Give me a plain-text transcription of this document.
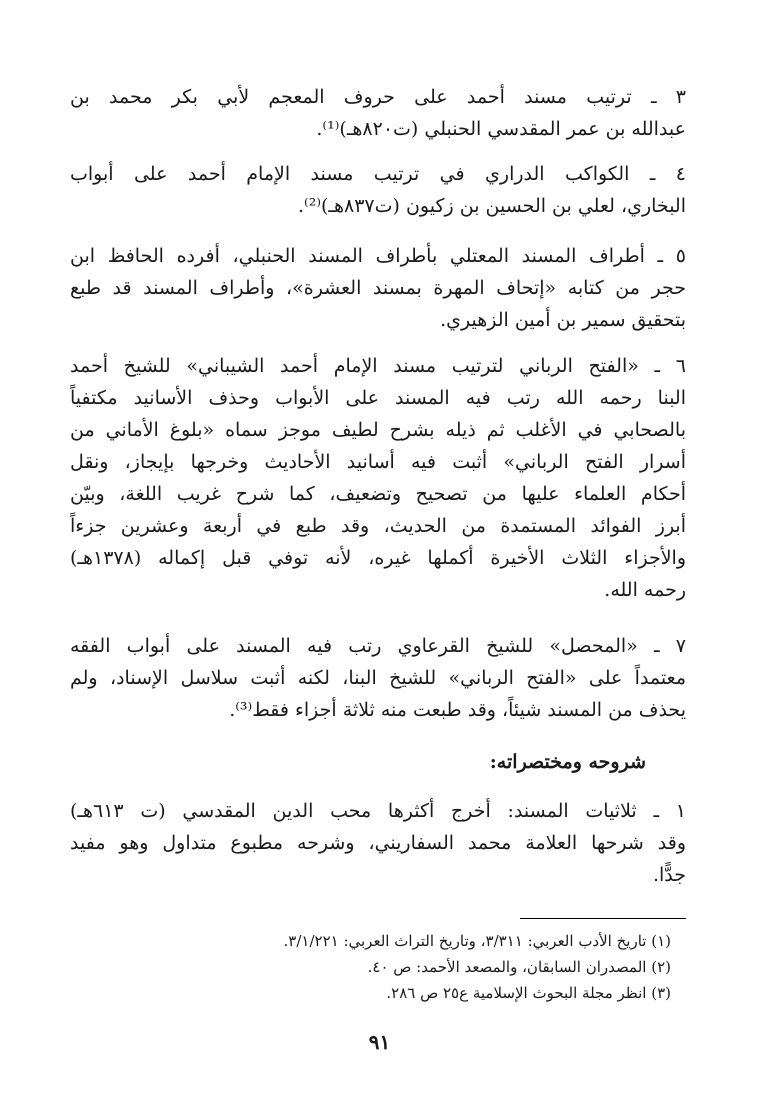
٣ ـ ترتيب مسند أحمد على حروف المعجم لأبي بكر محمد بن
عبدالله بن عمر المقدسي الحنبلي (ت٨٢٠هـ)⁽¹⁾.
٤ ـ الكواكب الدراري في ترتيب مسند الإمام أحمد على أبواب
البخاري، لعلي بن الحسين بن زكيون (ت٨٣٧هـ)⁽²⁾.
٥ ـ أطراف المسند المعتلي بأطراف المسند الحنبلي، أفرده الحافظ ابن
حجر من كتابه «إتحاف المهرة بمسند العشرة»، وأطراف المسند قد طبع
بتحقيق سمير بن أمين الزهيري.
٦ ـ «الفتح الرباني لترتيب مسند الإمام أحمد الشيباني» للشيخ أحمد
البنا رحمه الله رتب فيه المسند على الأبواب وحذف الأسانيد مكتفياً
بالصحابي في الأغلب ثم ذيله بشرح لطيف موجز سماه «بلوغ الأماني من
أسرار الفتح الرباني» أثبت فيه أسانيد الأحاديث وخرجها بإيجاز، ونقل
أحكام العلماء عليها من تصحيح وتضعيف، كما شرح غريب اللغة، وبيّن
أبرز الفوائد المستمدة من الحديث، وقد طبع في أربعة وعشرين جزءاً
والأجزاء الثلاث الأخيرة أكملها غيره، لأنه توفي قبل إكماله (١٣٧٨هـ)
رحمه الله.
٧ ـ «المحصل» للشيخ القرعاوي رتب فيه المسند على أبواب الفقه
معتمداً على «الفتح الرباني» للشيخ البنا، لكنه أثبت سلاسل الإسناد، ولم
يحذف من المسند شيئاً، وقد طبعت منه ثلاثة أجزاء فقط⁽³⁾.

شروحه ومختصراته:

١ ـ ثلاثيات المسند: أخرج أكثرها محب الدين المقدسي (ت ٦١٣هـ)
وقد شرحها العلامة محمد السفاريني، وشرحه مطبوع متداول وهو مفيد
جدًّا.

(١) تاريخ الأدب العربي: ٣/٣١١، وتاريخ التراث العربي: ٣/١/٢٢١.

(٢) المصدران السابقان، والمصعد الأحمد: ص ٤٠.

(٣) انظر مجلة البحوث الإسلامية ع٢٥ ص ٢٨٦.

٩١
